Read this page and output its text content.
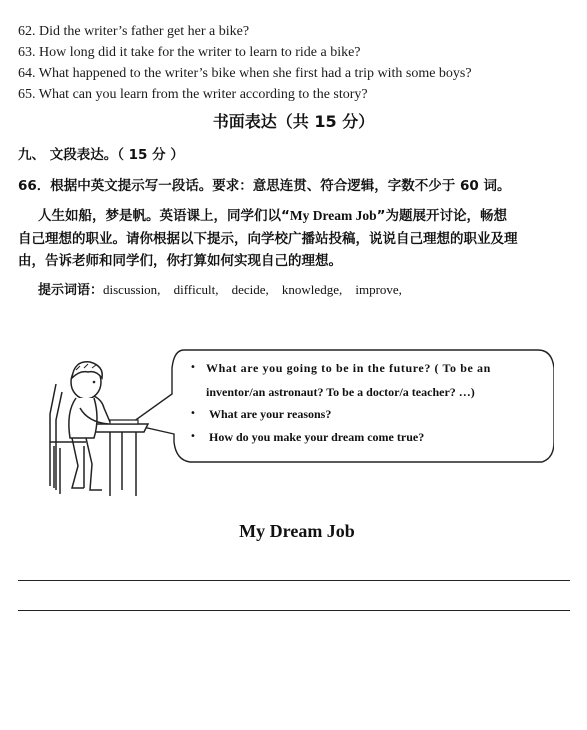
62. Did the writer’s father get her a bike?
63. How long did it take for the writer to learn to ride a bike?
64. What happened to the writer’s bike when she first had a trip with some boys?
65. What can you learn from the writer according to the story?
书面表达（共 15 分）
九、 文段表达。（ 15 分 ）
66．根据中英文提示写一段话。要求：意思连贯、符合逻辑，字数不少于 60 词。
人生如船，梦是帆。英语课上，同学们以“My Dream Job”为题展开讨论，畅想
自己理想的职业。请你根据以下提示，向学校广播站投稿，说说自己理想的职业及理
由，告诉老师和同学们，你打算如何实现自己的理想。
提示词语：discussion, difficult, decide, knowledge, improve,
• What are you going to be in the future? ( To be an
inventor/an astronaut? To be a doctor/a teacher? …)
• What are your reasons?
• How do you make your dream come true?
My Dream Job
